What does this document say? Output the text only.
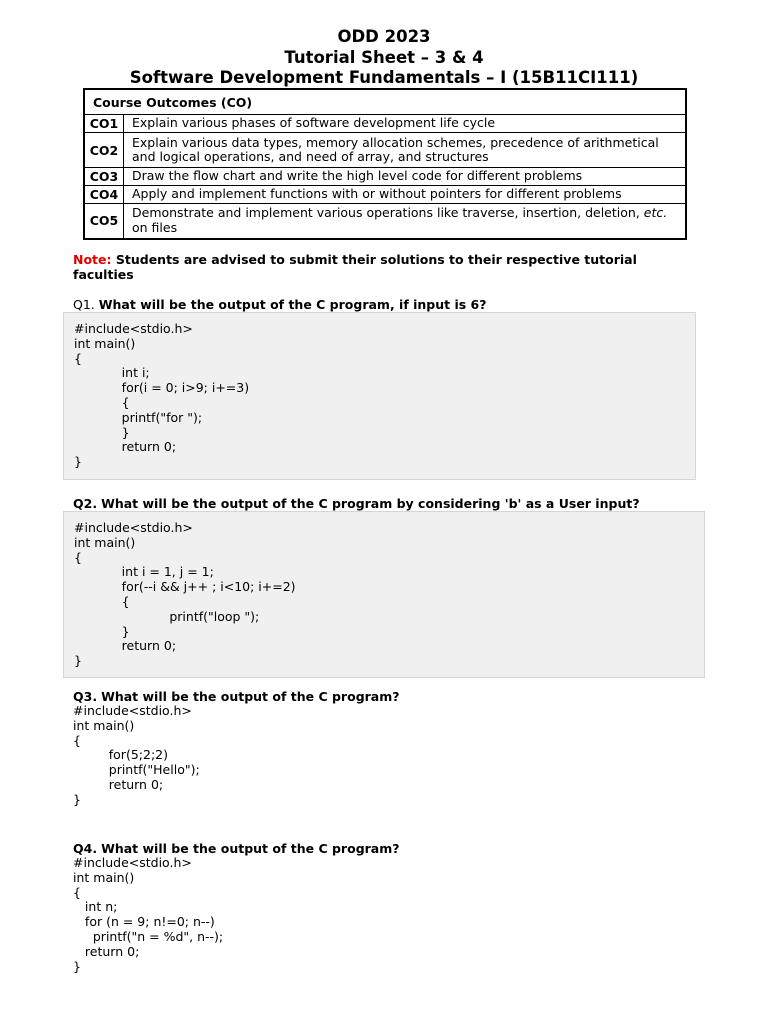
ODD 2023
Tutorial Sheet – 3 & 4
Software Development Fundamentals – I (15B11CI111)
Course Outcomes (CO)	
CO1	Explain various phases of software development life cycle
CO2	Explain various data types, memory allocation schemes, precedence of arithmetical and logical operations, and need of array, and structures
CO3	Draw the flow chart and write the high level code for different problems
CO4	Apply and implement functions with or without pointers for different problems
CO5	Demonstrate and implement various operations like traverse, insertion, deletion, etc. on files
Note: Students are advised to submit their solutions to their respective tutorial faculties
Q1. What will be the output of the C program, if input is 6?
#include<stdio.h>
int main()
{
int i;
for(i = 0; i>9; i+=3)
{
printf("for ");
}
return 0;
}
Q2. What will be the output of the C program by considering 'b' as a User input?
#include<stdio.h>
int main()
{
int i = 1, j = 1;
for(--i && j++ ; i<10; i+=2)
{
printf("loop ");
}
return 0;
}
Q3. What will be the output of the C program?
#include<stdio.h>
int main()
{
for(5;2;2)
printf("Hello");
return 0;
}
Q4. What will be the output of the C program?
#include<stdio.h>
int main()
{
int n;
for (n = 9; n!=0; n--)
printf("n = %d", n--);
return 0;
}
